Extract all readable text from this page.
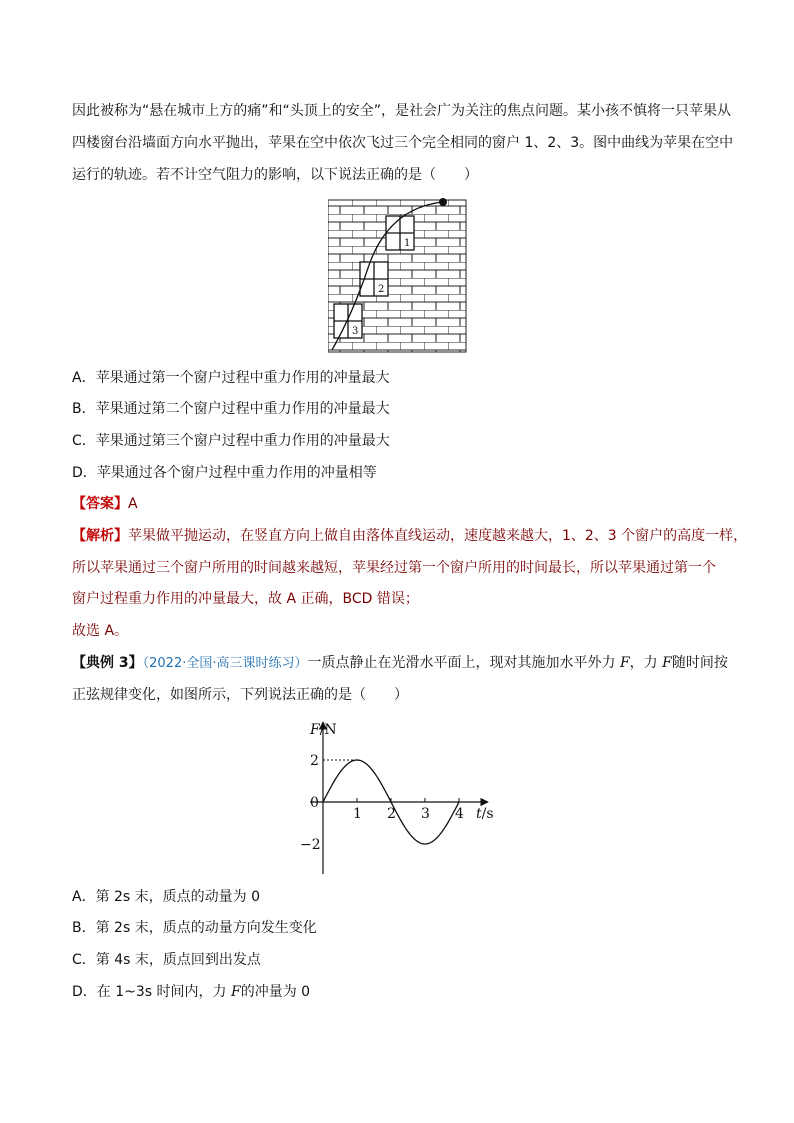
因此被称为“悬在城市上方的痛”和“头顶上的安全”，是社会广为关注的焦点问题。某小孩不慎将一只苹果从
四楼窗台沿墙面方向水平抛出，苹果在空中依次飞过三个完全相同的窗户 1、2、3。图中曲线为苹果在空中
运行的轨迹。若不计空气阻力的影响，以下说法正确的是（　　）
1
2
3
A．苹果通过第一个窗户过程中重力作用的冲量最大
B．苹果通过第二个窗户过程中重力作用的冲量最大
C．苹果通过第三个窗户过程中重力作用的冲量最大
D．苹果通过各个窗户过程中重力作用的冲量相等
【答案】A
【解析】苹果做平抛运动，在竖直方向上做自由落体直线运动，速度越来越大，1、2、3 个窗户的高度一样，
所以苹果通过三个窗户所用的时间越来越短，苹果经过第一个窗户所用的时间最长，所以苹果通过第一个
窗户过程重力作用的冲量最大，故 A 正确，BCD 错误；
故选 A。
【典例 3】（2022·全国·高三课时练习）一质点静止在光滑水平面上，现对其施加水平外力 F，力 F随时间按
正弦规律变化，如图所示，下列说法正确的是（　　）
1 2 3 4
2
0
−2
F/N
t/s
A．第 2s 末，质点的动量为 0
B．第 2s 末，质点的动量方向发生变化
C．第 4s 末，质点回到出发点
D．在 1~3s 时间内，力 F的冲量为 0
